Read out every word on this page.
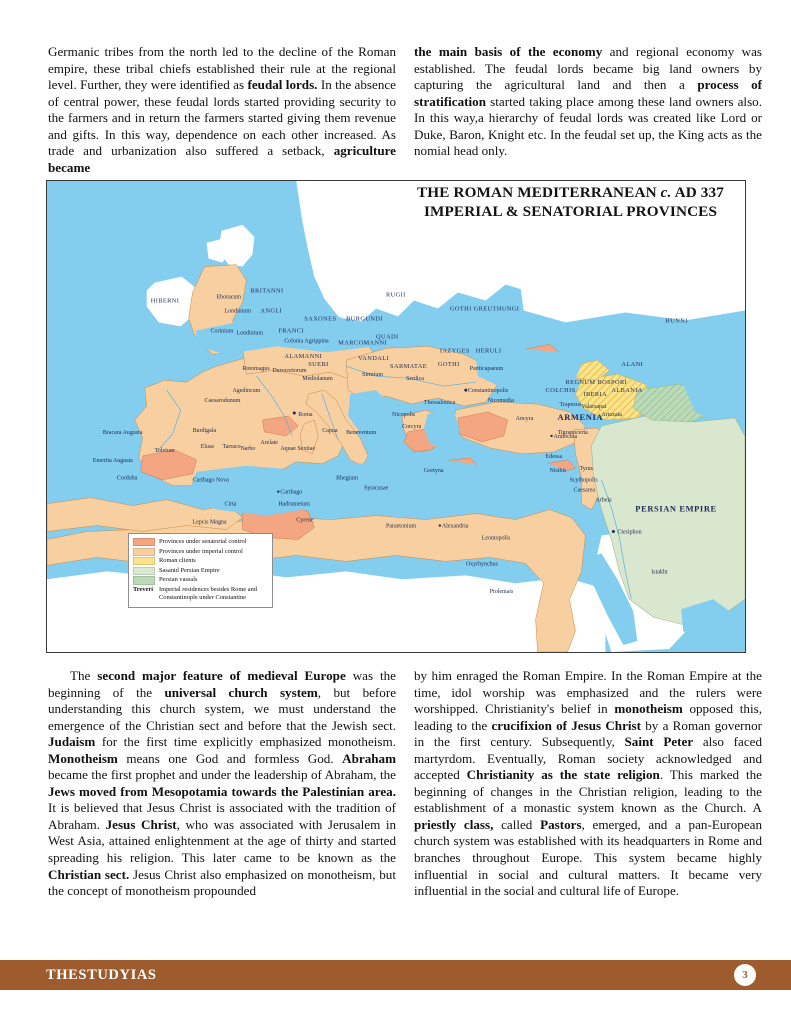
Germanic tribes from the north led to the decline of the Roman empire, these tribal chiefs established their rule at the regional level. Further, they were identified as feudal lords. In the absence of central power, these feudal lords started providing security to the farmers and in return the farmers started giving them revenue and gifts. In this way, dependence on each other increased. As trade and urbanization also suffered a setback, agriculture became

the main basis of the economy and regional economy was established. The feudal lords became big land owners by capturing the agricultural land and then a process of stratification started taking place among these land owners also. In this way,a hierarchy of feudal lords was created like Lord or Duke, Baron, Knight etc. In the feudal set up, the King acts as the nomial head only.

HIBERNI
BRITANNI
FRANCI
SAXONES
ANGLI
BURGUNDI
RUGII
ALAMANNI
SUEBI
MARCOMANNI
QUADI
VANDALI
GOTHI
SARMATAE
IAZYGES HERULI
GOTHI GREUTHUNGI
HUNNI
ALANI
COLCHIS
IBERIA
ALBANIA
REGNUM BOSPORI
ARMENIA
PERSIAN EMPIRE
Eboracum
Londinium
Corinium Londinium
Colonia Agrippina
Rotomagus Durocortorum
Agedincum
Caesarodunum
Burdigala
Elusa	Narbo
Arelate
Aquae Sextiae
Bracara Augusta
Emerita Augusta
Corduba	Carthago Nova
Toletum
Tarraco
Roma
Capua Beneventum
Rhegium
Syracusae
Carthago
Hadrumetum
Cirta
Lepcis Magna	Cyrene
Paraetonium	Alexandria
Leontopolis
Oxyrhynchus
Ptolemais
Gortyna
Nicopolis
Corcyra
Thessalonica
Constantinopolis
Nicomedia
Ancyra
Antiochia
Tyrus
Scythopolis
Caesarea
Edessa
Nisibis
Tigranocerta
Valarsapat
Artaxata
Ctesiphon
Arbela
Istakhr
Mediolanum
Sirmium
Serdica
Panticapaeum
Trapezus
THE ROMAN MEDITERRANEAN c. AD 337
IMPERIAL & SENATORIAL PROVINCES
Provinces under senatorial control
Provinces under imperial control
Roman clients
Sasanid Persian Empire
Persian vassals
Treveri Imperial residences besides Rome and Constantinople under Constantine

The second major feature of medieval Europe was the beginning of the universal church system, but before understanding this church system, we must understand the emergence of the Christian sect and before that the Jewish sect. Judaism for the first time explicitly emphasized monotheism. Monotheism means one God and formless God. Abraham became the first prophet and under the leadership of Abraham, the Jews moved from Mesopotamia towards the Palestinian area. It is believed that Jesus Christ is associated with the tradition of Abraham. Jesus Christ, who was associated with Jerusalem in West Asia, attained enlightenment at the age of thirty and started spreading his religion. This later came to be known as the Christian sect. Jesus Christ also emphasized on monotheism, but the concept of monotheism propounded

by him enraged the Roman Empire. In the Roman Empire at the time, idol worship was emphasized and the rulers were worshipped. Christianity's belief in monotheism opposed this, leading to the crucifixion of Jesus Christ by a Roman governor in the first century. Subsequently, Saint Peter also faced martyrdom. Eventually, Roman society acknowledged and accepted Christianity as the state religion. This marked the beginning of changes in the Christian religion, leading to the establishment of a monastic system known as the Church. A priestly class, called Pastors, emerged, and a pan-European church system was established with its headquarters in Rome and branches throughout Europe. This system became highly influential in social and cultural matters. It became very influential in the social and cultural life of Europe.

THESTUDYIAS	3
